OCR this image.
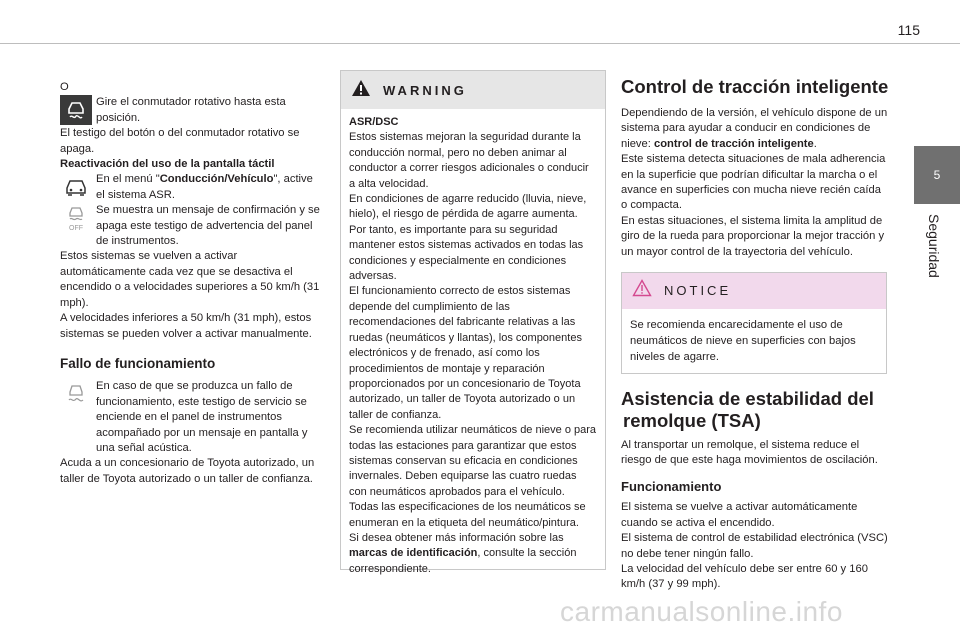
115
5
Seguridad

O

Gire el conmutador rotativo hasta esta posición.

El testigo del botón o del conmutador rotativo se apaga.

Reactivación del uso de la pantalla táctil

En el menú "Conducción/Vehículo", active el sistema ASR.

OFF

Se muestra un mensaje de confirmación y se apaga este testigo de advertencia del panel de instrumentos.

Estos sistemas se vuelven a activar automáticamente cada vez que se desactiva el encendido o a velocidades superiores a 50 km/h (31 mph).

A velocidades inferiores a 50 km/h (31 mph), estos sistemas se pueden volver a activar manualmente.

Fallo de funcionamiento

En caso de que se produzca un fallo de funcionamiento, este testigo de servicio se enciende en el panel de instrumentos acompañado por un mensaje en pantalla y una señal acústica.

Acuda a un concesionario de Toyota autorizado, un taller de Toyota autorizado o un taller de confianza.

WARNING

ASR/DSC

Estos sistemas mejoran la seguridad durante la conducción normal, pero no deben animar al conductor a correr riesgos adicionales o conducir a alta velocidad.

En condiciones de agarre reducido (lluvia, nieve, hielo), el riesgo de pérdida de agarre aumenta. Por tanto, es importante para su seguridad mantener estos sistemas activados en todas las condiciones y especialmente en condiciones adversas.

El funcionamiento correcto de estos sistemas depende del cumplimiento de las recomendaciones del fabricante relativas a las ruedas (neumáticos y llantas), los componentes electrónicos y de frenado, así como los procedimientos de montaje y reparación proporcionados por un concesionario de Toyota autorizado, un taller de Toyota autorizado o un taller de confianza.

Se recomienda utilizar neumáticos de nieve o para todas las estaciones para garantizar que estos sistemas conservan su eficacia en condiciones invernales. Deben equiparse las cuatro ruedas con neumáticos aprobados para el vehículo.

Todas las especificaciones de los neumáticos se enumeran en la etiqueta del neumático/pintura.

Si desea obtener más información sobre las marcas de identificación, consulte la sección correspondiente.

Control de tracción inteligente

Dependiendo de la versión, el vehículo dispone de un sistema para ayudar a conducir en condiciones de nieve: control de tracción inteligente.

Este sistema detecta situaciones de mala adherencia en la superficie que podrían dificultar la marcha o el avance en superficies con mucha nieve recién caída o compacta.

En estas situaciones, el sistema limita la amplitud de giro de la rueda para proporcionar la mejor tracción y un mayor control de la trayectoria del vehículo.

NOTICE
Se recomienda encarecidamente el uso de neumáticos de nieve en superficies con bajos niveles de agarre.
Asistencia de estabilidad del
remolque (TSA)

Al transportar un remolque, el sistema reduce el riesgo de que este haga movimientos de oscilación.

Funcionamiento

El sistema se vuelve a activar automáticamente cuando se activa el encendido.

El sistema de control de estabilidad electrónica (VSC) no debe tener ningún fallo.

La velocidad del vehículo debe ser entre 60 y 160 km/h (37 y 99 mph).

carmanualsonline.info
